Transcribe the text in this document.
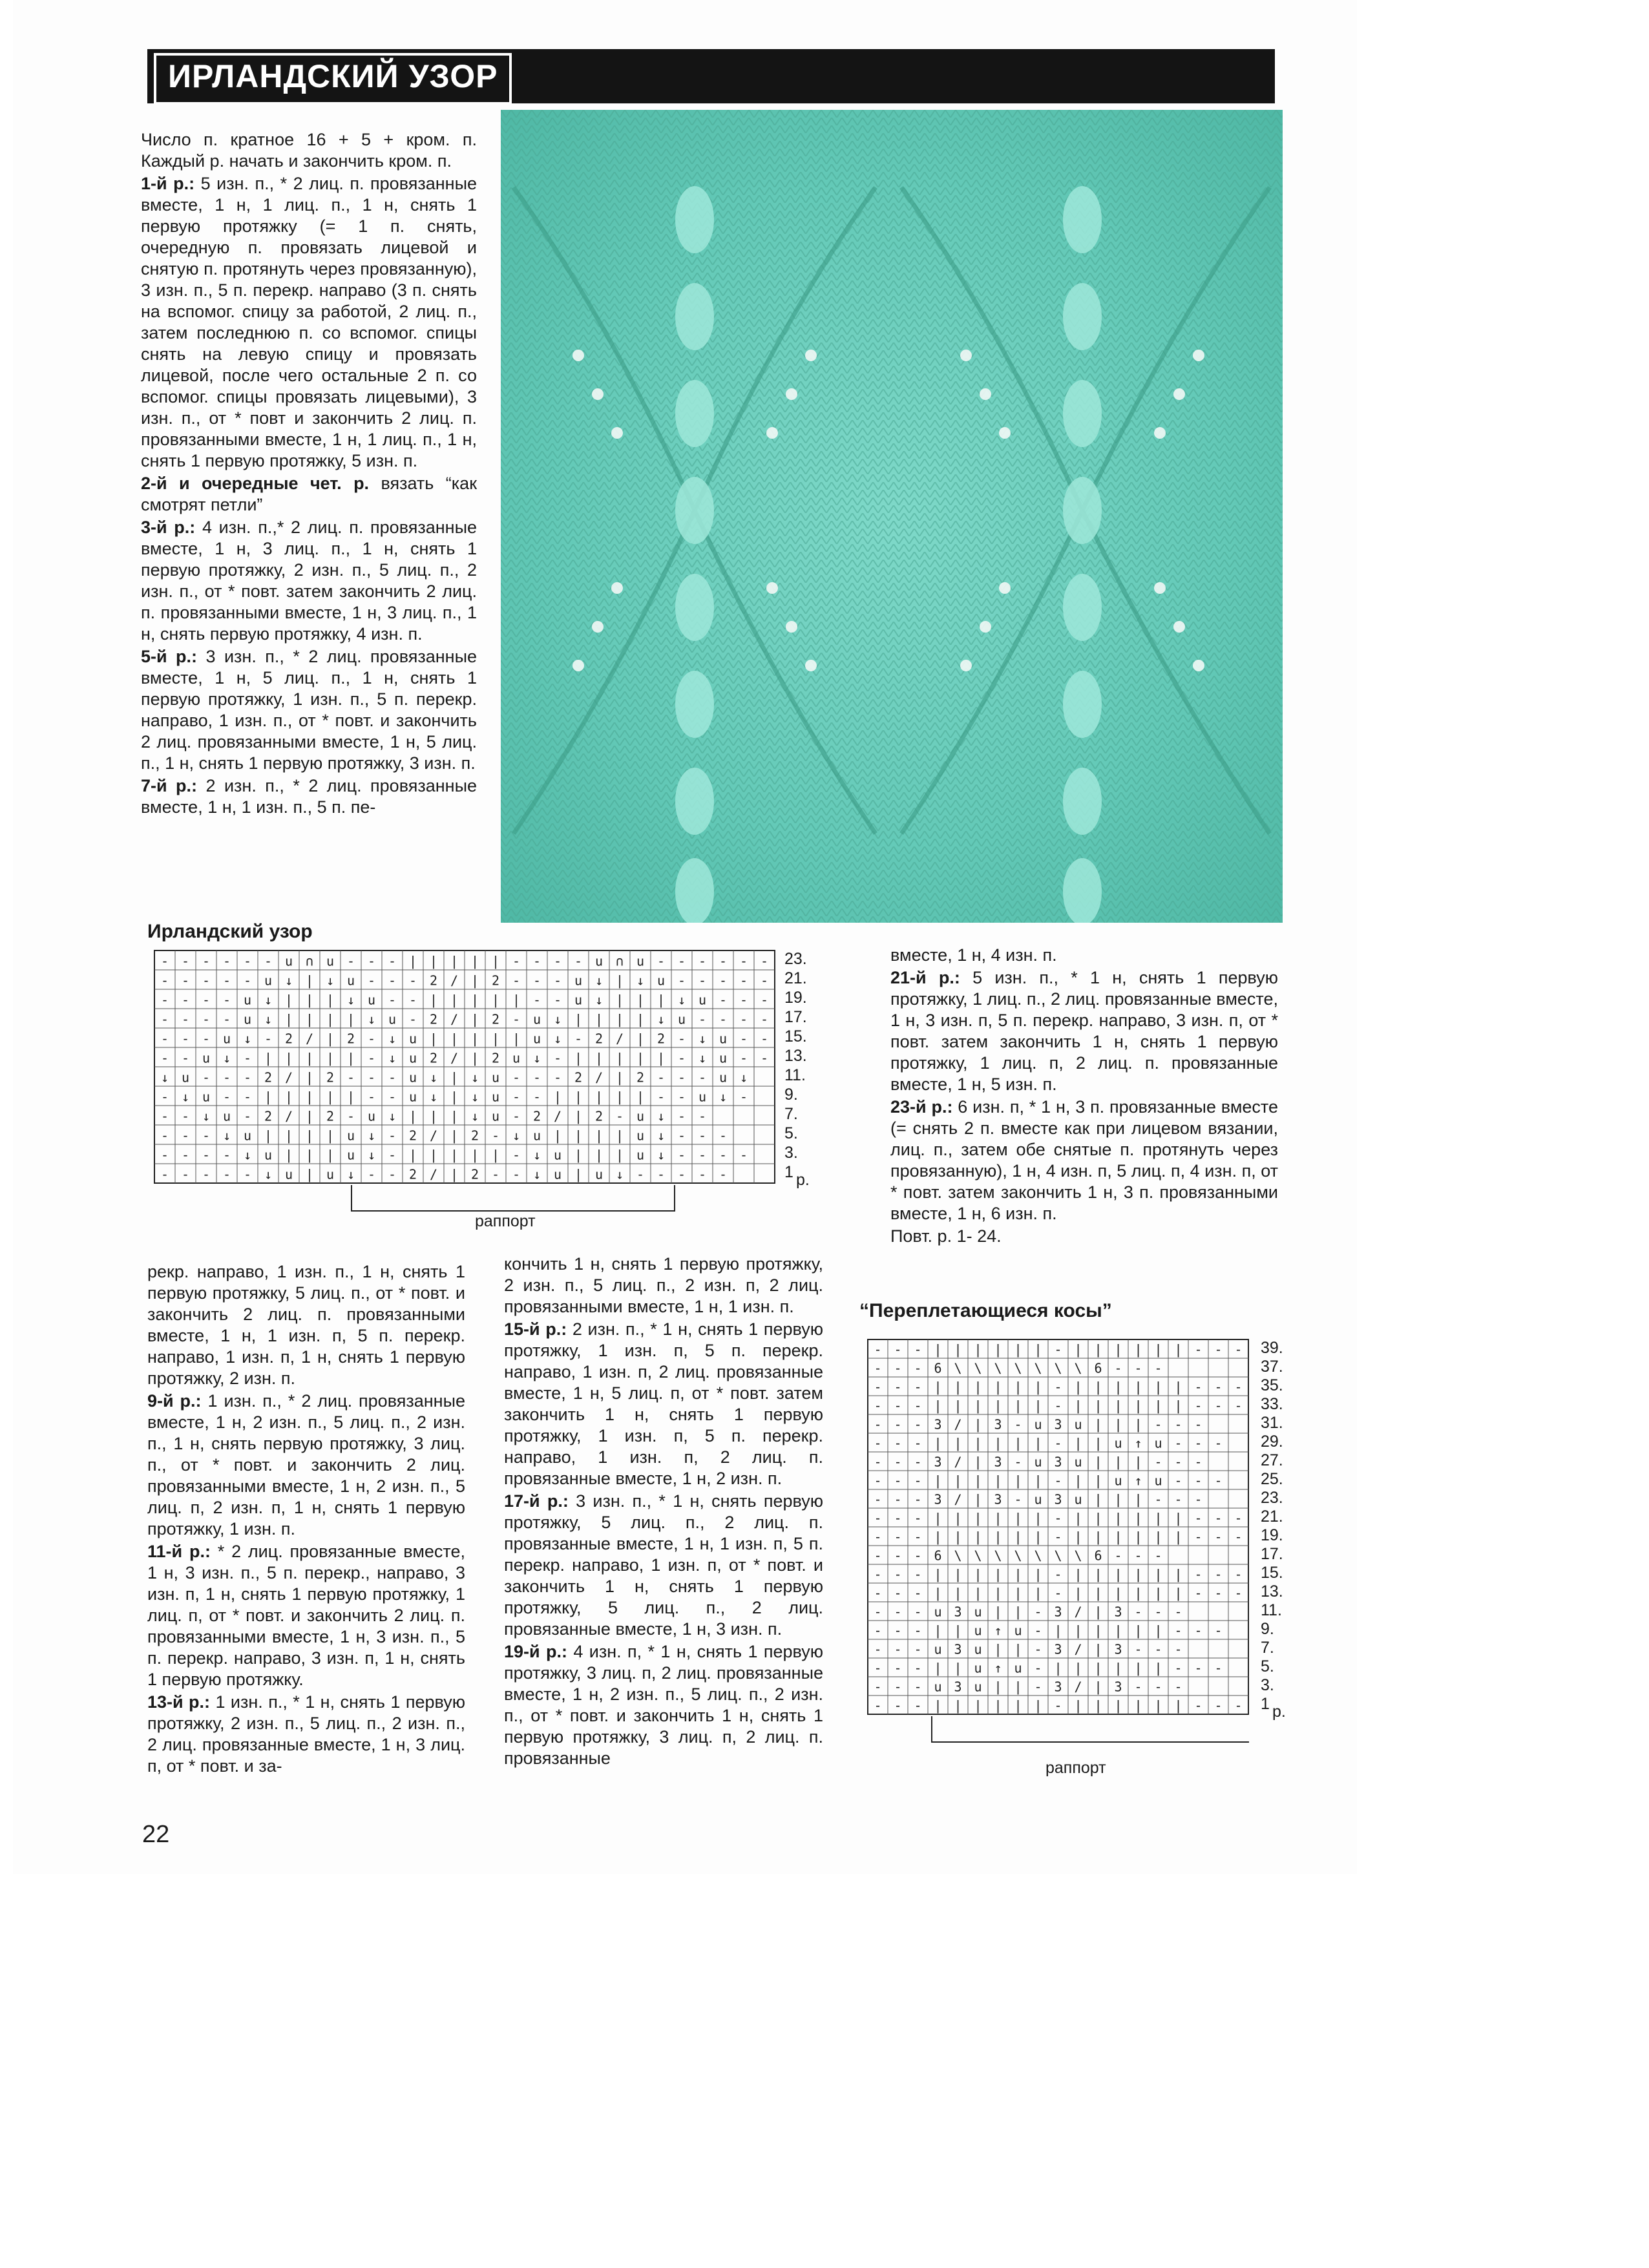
ИРЛАНДСКИЙ УЗОР

Число п. кратное 16 + 5 + кром. п. Каждый р. начать и закончить кром. п.

1-й р.: 5 изн. п., * 2 лиц. п. провязанные вместе, 1 н, 1 лиц. п., 1 н, снять 1 первую протяжку (= 1 п. снять, очередную п. провязать лицевой и снятую п. протянуть через провязанную), 3 изн. п., 5 п. перекр. направо (3 п. снять на вспомог. спицу за работой, 2 лиц. п., затем последнюю п. со вспомог. спицы снять на левую спицу и провязать лицевой, после чего остальные 2 п. со вспомог. спицы провязать лицевыми), 3 изн. п., от * повт и закончить 2 лиц. п. провязанными вместе, 1 н, 1 лиц. п., 1 н, снять 1 первую протяжку, 5 изн. п.

2-й и очередные чет. р. вязать “как смотрят петли”

3-й р.: 4 изн. п.,* 2 лиц. п. провязанные вместе, 1 н, 3 лиц. п., 1 н, снять 1 первую протяжку, 2 изн. п., 5 лиц. п., 2 изн. п., от * повт. затем закончить 2 лиц. п. провязанными вместе, 1 н, 3 лиц. п., 1 н, снять первую протяжку, 4 изн. п.

5-й р.: 3 изн. п., * 2 лиц. провязанные вместе, 1 н, 5 лиц. п., 1 н, снять 1 первую протяжку, 1 изн. п., 5 п. перекр. направо, 1 изн. п., от * повт. и закончить 2 лиц. провязанными вместе, 1 н, 5 лиц. п., 1 н, снять 1 первую протяжку, 3 изн. п.

7-й р.: 2 изн. п., * 2 лиц. провязанные вместе, 1 н, 1 изн. п., 5 п. пе-

Ирландский узор
- - - - - - u ∩ u - - - | | | | | - - - - u ∩ u - - - - - -
- - - - - u ↓ | ↓ u - - - 2 / | 2 - - - u ↓ | ↓ u - - - - -
- - - - u ↓ | | | ↓ u - - | | | | | - - u ↓ | | | ↓ u - - -
- - - - u ↓ | | | | ↓ u - 2 / | 2 - u ↓ | | | | ↓ u - - - -
- - - u ↓ - 2 / | 2 - ↓ u | | | | | u ↓ - 2 / | 2 - ↓ u - -
- - u ↓ - | | | | | - ↓ u 2 / | 2 u ↓ - | | | | | - ↓ u - -
↓ u - - - 2 / | 2 - - - u ↓ | ↓ u - - - 2 / | 2 - - - u ↓
- ↓ u - - | | | | | - - u ↓ | ↓ u - - | | | | | - - u ↓ -
- - ↓ u - 2 / | 2 - u ↓ | | | ↓ u - 2 / | 2 - u ↓ - -
- - - ↓ u | | | | u ↓ - 2 / | 2 - ↓ u | | | | u ↓ - - -
- - - - ↓ u | | | u ↓ - | | | | | - ↓ u | | | u ↓ - - - -
- - - - - ↓ u | u ↓ - - 2 / | 2 - - ↓ u | u ↓ - - - - -
23.
21.
19.
17.
15.
13.
11.
9.
7.
5.
3.
1 р.
раппорт

рекр. направо, 1 изн. п., 1 н, снять 1 первую протяжку, 5 лиц. п., от * повт. и закончить 2 лиц. п. провязанными вместе, 1 н, 1 изн. п, 5 п. перекр. направо, 1 изн. п, 1 н, снять 1 первую протяжку, 2 изн. п.

9-й р.: 1 изн. п., * 2 лиц. провязанные вместе, 1 н, 2 изн. п., 5 лиц. п., 2 изн. п., 1 н, снять первую протяжку, 3 лиц. п., от * повт. и закончить 2 лиц. провязанными вместе, 1 н, 2 изн. п., 5 лиц. п, 2 изн. п, 1 н, снять 1 первую протяжку, 1 изн. п.

11-й р.: * 2 лиц. провязанные вместе, 1 н, 3 изн. п., 5 п. перекр., направо, 3 изн. п, 1 н, снять 1 первую протяжку, 1 лиц. п, от * повт. и закончить 2 лиц. п. провязанными вместе, 1 н, 3 изн. п., 5 п. перекр. направо, 3 изн. п, 1 н, снять 1 первую протяжку.

13-й р.: 1 изн. п., * 1 н, снять 1 первую протяжку, 2 изн. п., 5 лиц. п., 2 изн. п., 2 лиц. провязанные вместе, 1 н, 3 лиц. п, от * повт. и за-

кончить 1 н, снять 1 первую протяжку, 2 изн. п., 5 лиц. п., 2 изн. п, 2 лиц. провязанными вместе, 1 н, 1 изн. п.

15-й р.: 2 изн. п., * 1 н, снять 1 первую протяжку, 1 изн. п, 5 п. перекр. направо, 1 изн. п, 2 лиц. провязанные вместе, 1 н, 5 лиц. п, от * повт. затем закончить 1 н, снять 1 первую протяжку, 1 изн. п, 5 п. перекр. направо, 1 изн. п, 2 лиц. п. провязанные вместе, 1 н, 2 изн. п.

17-й р.: 3 изн. п., * 1 н, снять первую протяжку, 5 лиц. п., 2 лиц. п. провязанные вместе, 1 н, 1 изн. п, 5 п. перекр. направо, 1 изн. п, от * повт. и закончить 1 н, снять 1 первую протяжку, 5 лиц. п., 2 лиц. провязанные вместе, 1 н, 3 изн. п.

19-й р.: 4 изн. п, * 1 н, снять 1 первую протяжку, 3 лиц. п, 2 лиц. провязанные вместе, 1 н, 2 изн. п., 5 лиц. п., 2 изн. п., от * повт. и закончить 1 н, снять 1 первую протяжку, 3 лиц. п, 2 лиц. п. провязанные

вместе, 1 н, 4 изн. п.

21-й р.: 5 изн. п., * 1 н, снять 1 первую протяжку, 1 лиц. п., 2 лиц. провязанные вместе, 1 н, 3 изн. п, 5 п. перекр. направо, 3 изн. п, от * повт. затем закончить 1 н, снять 1 первую протяжку, 1 лиц. п, 2 лиц. п. провязанные вместе, 1 н, 5 изн. п.

23-й р.: 6 изн. п, * 1 н, 3 п. провязанные вместе (= снять 2 п. вместе как при лицевом вязании, лиц. п., затем обе снятые п. протянуть через провязанную), 1 н, 4 изн. п, 5 лиц. п, 4 изн. п, от * повт. затем закончить 1 н, 3 п. провязанными вместе, 1 н, 6 изн. п.

Повт. р. 1- 24.

“Переплетающиеся косы”
- - - | | | | | | - | | | | | | - - -
- - - 6 \ \ \ \ \ \ \ 6 - - -
- - - | | | | | | - | | | | | | - - -
- - - | | | | | | - | | | | | | - - -
- - - 3 / | 3 - u 3 u | | | - - -
- - - | | | | | | - | | u ↑ u - - -
- - - 3 / | 3 - u 3 u | | | - - -
- - - | | | | | | - | | u ↑ u - - -
- - - 3 / | 3 - u 3 u | | | - - -
- - - | | | | | | - | | | | | | - - -
- - - | | | | | | - | | | | | | - - -
- - - 6 \ \ \ \ \ \ \ 6 - - -
- - - | | | | | | - | | | | | | - - -
- - - | | | | | | - | | | | | | - - -
- - - u 3 u | | - 3 / | 3 - - -
- - - | | u ↑ u - | | | | | | - - -
- - - u 3 u | | - 3 / | 3 - - -
- - - | | u ↑ u - | | | | | | - - -
- - - u 3 u | | - 3 / | 3 - - -
- - - | | | | | | - | | | | | | - - -
39.
37.
35.
33.
31.
29.
27.
25.
23.
21.
19.
17.
15.
13.
11.
9.
7.
5.
3.
1 р.
раппорт
22
